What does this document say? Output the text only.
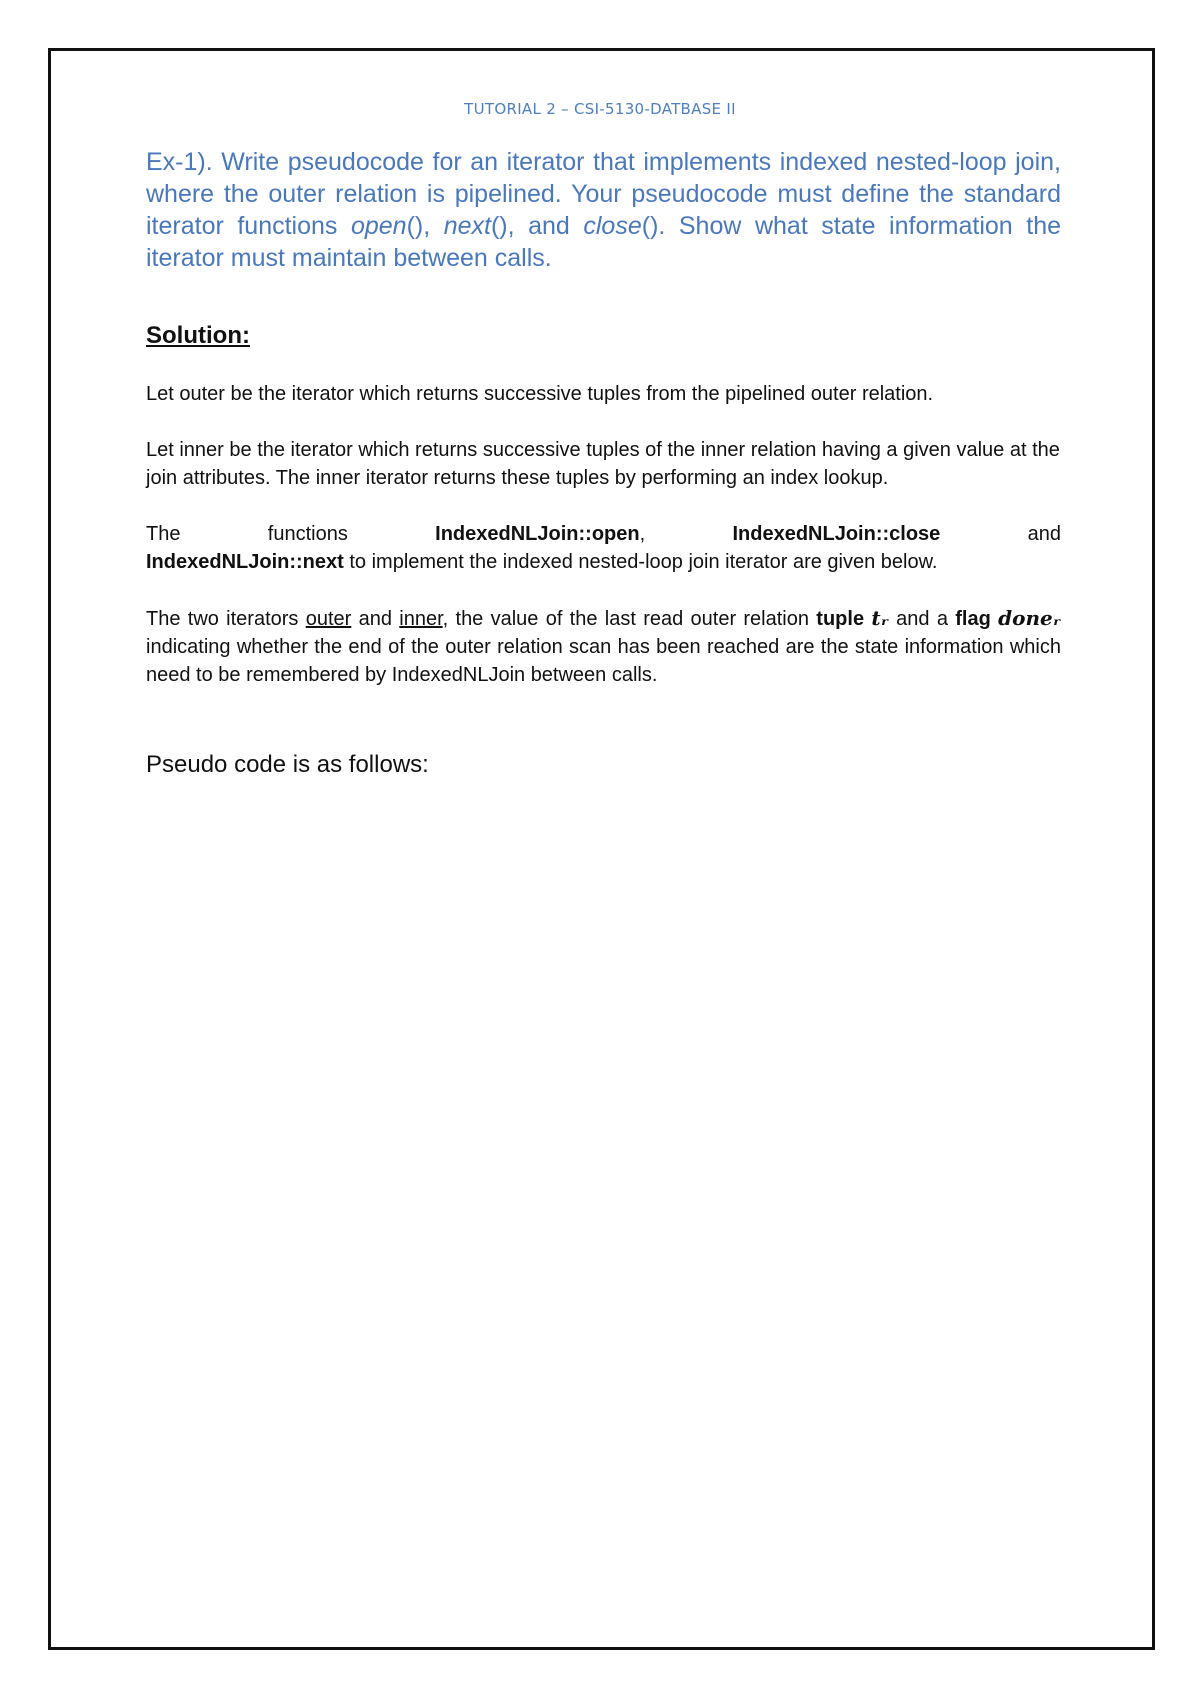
TUTORIAL 2 – CSI-5130-DATBASE II

Ex-1). Write pseudocode for an iterator that implements indexed nested-loop join, where the outer relation is pipelined. Your pseudocode must define the standard iterator functions open(), next(), and close(). Show what state information the iterator must maintain between calls.

Solution:

Let outer be the iterator which returns successive tuples from the pipelined outer relation.

Let inner be the iterator which returns successive tuples of the inner relation having a given value at the join attributes. The inner iterator returns these tuples by performing an index lookup.

The	functions	IndexedNLJoin::open,	IndexedNLJoin::close	and
IndexedNLJoin::next to implement the indexed nested-loop join iterator are given below.

The two iterators outer and inner, the value of the last read outer relation tuple tᵣ and a flag doneᵣ indicating whether the end of the outer relation scan has been reached are the state information which need to be remembered by IndexedNLJoin between calls.

Pseudo code is as follows:
